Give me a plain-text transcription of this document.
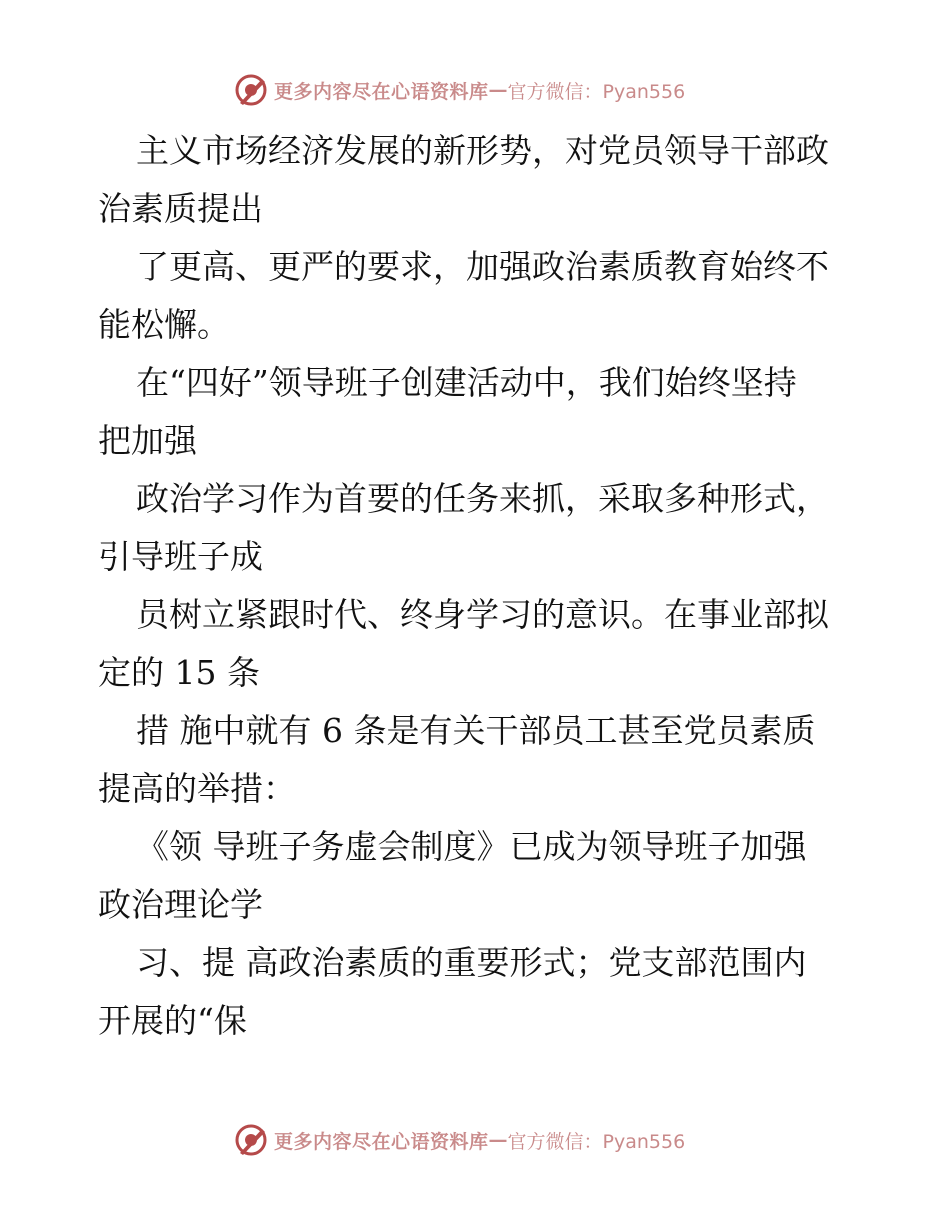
更多内容尽在心语资料库 — 官方微信：Pyan556
主义市场经济发展的新形势，对党员领导干部政
治素质提出
了更高、更严的要求，加强政治素质教育始终不
能松懈。
在“四好”领导班子创建活动中，我们始终坚持
把加强
政治学习作为首要的任务来抓，采取多种形式，
引导班子成
员树立紧跟时代、终身学习的意识。在事业部拟
定的 15 条
措 施中就有 6 条是有关干部员工甚至党员素质
提高的举措：
《领 导班子务虚会制度》已成为领导班子加强
政治理论学
习、提 高政治素质的重要形式；党支部范围内
开展的“保
更多内容尽在心语资料库 — 官方微信：Pyan556
